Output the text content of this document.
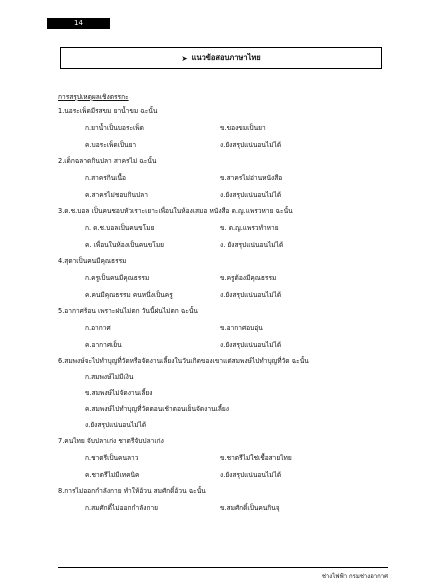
14
➤ แนวข้อสอบภาษาไทย
การสรุปเหตุผลเชิงตรรกะ
1.นอระเพ็ดมีรสขม ยาน้ำขม ฉะนั้น
ก.ยาน้ำเป็นบอระเพ็ด	ข.ของขมเป็นยา
ค.บอระเพ็ดเป็นยา	ง.ยังสรุปแน่นอนไม่ได้
2.เด็กฉลาดกินปลา สาครไม่ ฉะนั้น
ก.สาครกินเนื้อ	ข.สาครไม่อ่านหนังสือ
ค.สาครไม่ชอบกินปลา	ง.ยังสรุปแน่นอนไม่ได้
3.ด.ช.บอล เป็นคนชอบหัวเราะเยาะเพื่อนในห้องเสมอ หนังสือ ด.ญ.แพรวหาย ฉะนั้น
ก. ด.ช.บอลเป็นคนขโมย	ข. ด.ญ.แพรวทำหาย
ค. เพื่อนในห้องเป็นคนขโมย	ง. ยังสรุปแน่นอนไม่ได้
4.สุดาเป็นคนมีคุณธรรม
ก.ครูเป็นคนมีคุณธรรม	ข.ครูต้องมีคุณธรรม
ค.คนมีคุณธรรม คนหนึ่งเป็นครู	ง.ยังสรุปแน่นอนไม่ได้
5.อากาศร้อน เพราะฝนไม่ตก วันนี้ฝนไม่ตก ฉะนั้น
ก.อากาศ	ข.อากาศอบอุ่น
ค.อากาศเย็น	ง.ยังสรุปแน่นอนไม่ได้
6.สมพงษ์จะไปทำบุญที่วัดหรือจัดงานเลี้ยงในวันเกิดของเขาแต่สมพงษ์ไปทำบุญที่วัด ฉะนั้น
ก.สมพงษ์ไม่มีเงิน
ข.สมพงษ์ไม่จัดงานเลี้ยง
ค.สมพงษ์ไปทำบุญที่วัดตอนเช้าตอนเย็นจัดงานเลี้ยง
ง.ยังสรุปแน่นอนไม่ได้
7.คนไทย จับปลาเก่ง ชาตรีจับปลาเก่ง
ก.ชาตรีเป็นคนลาว	ข.ชาตรีไม่ใช่เชื้อสายไทย
ค.ชาตรีไม่มีเทคนิค	ง.ยังสรุปแน่นอนไม่ได้
8.การไม่ออกกำลังกาย ทำให้อ้วน สมศักดิ์อ้วน ฉะนั้น
ก.สมศักดิ์ไม่ออกกำลังกาย	ข.สมศักดิ์เป็นคนกินจุ
ช่างไฟฟ้า กรมช่างอากาศ
